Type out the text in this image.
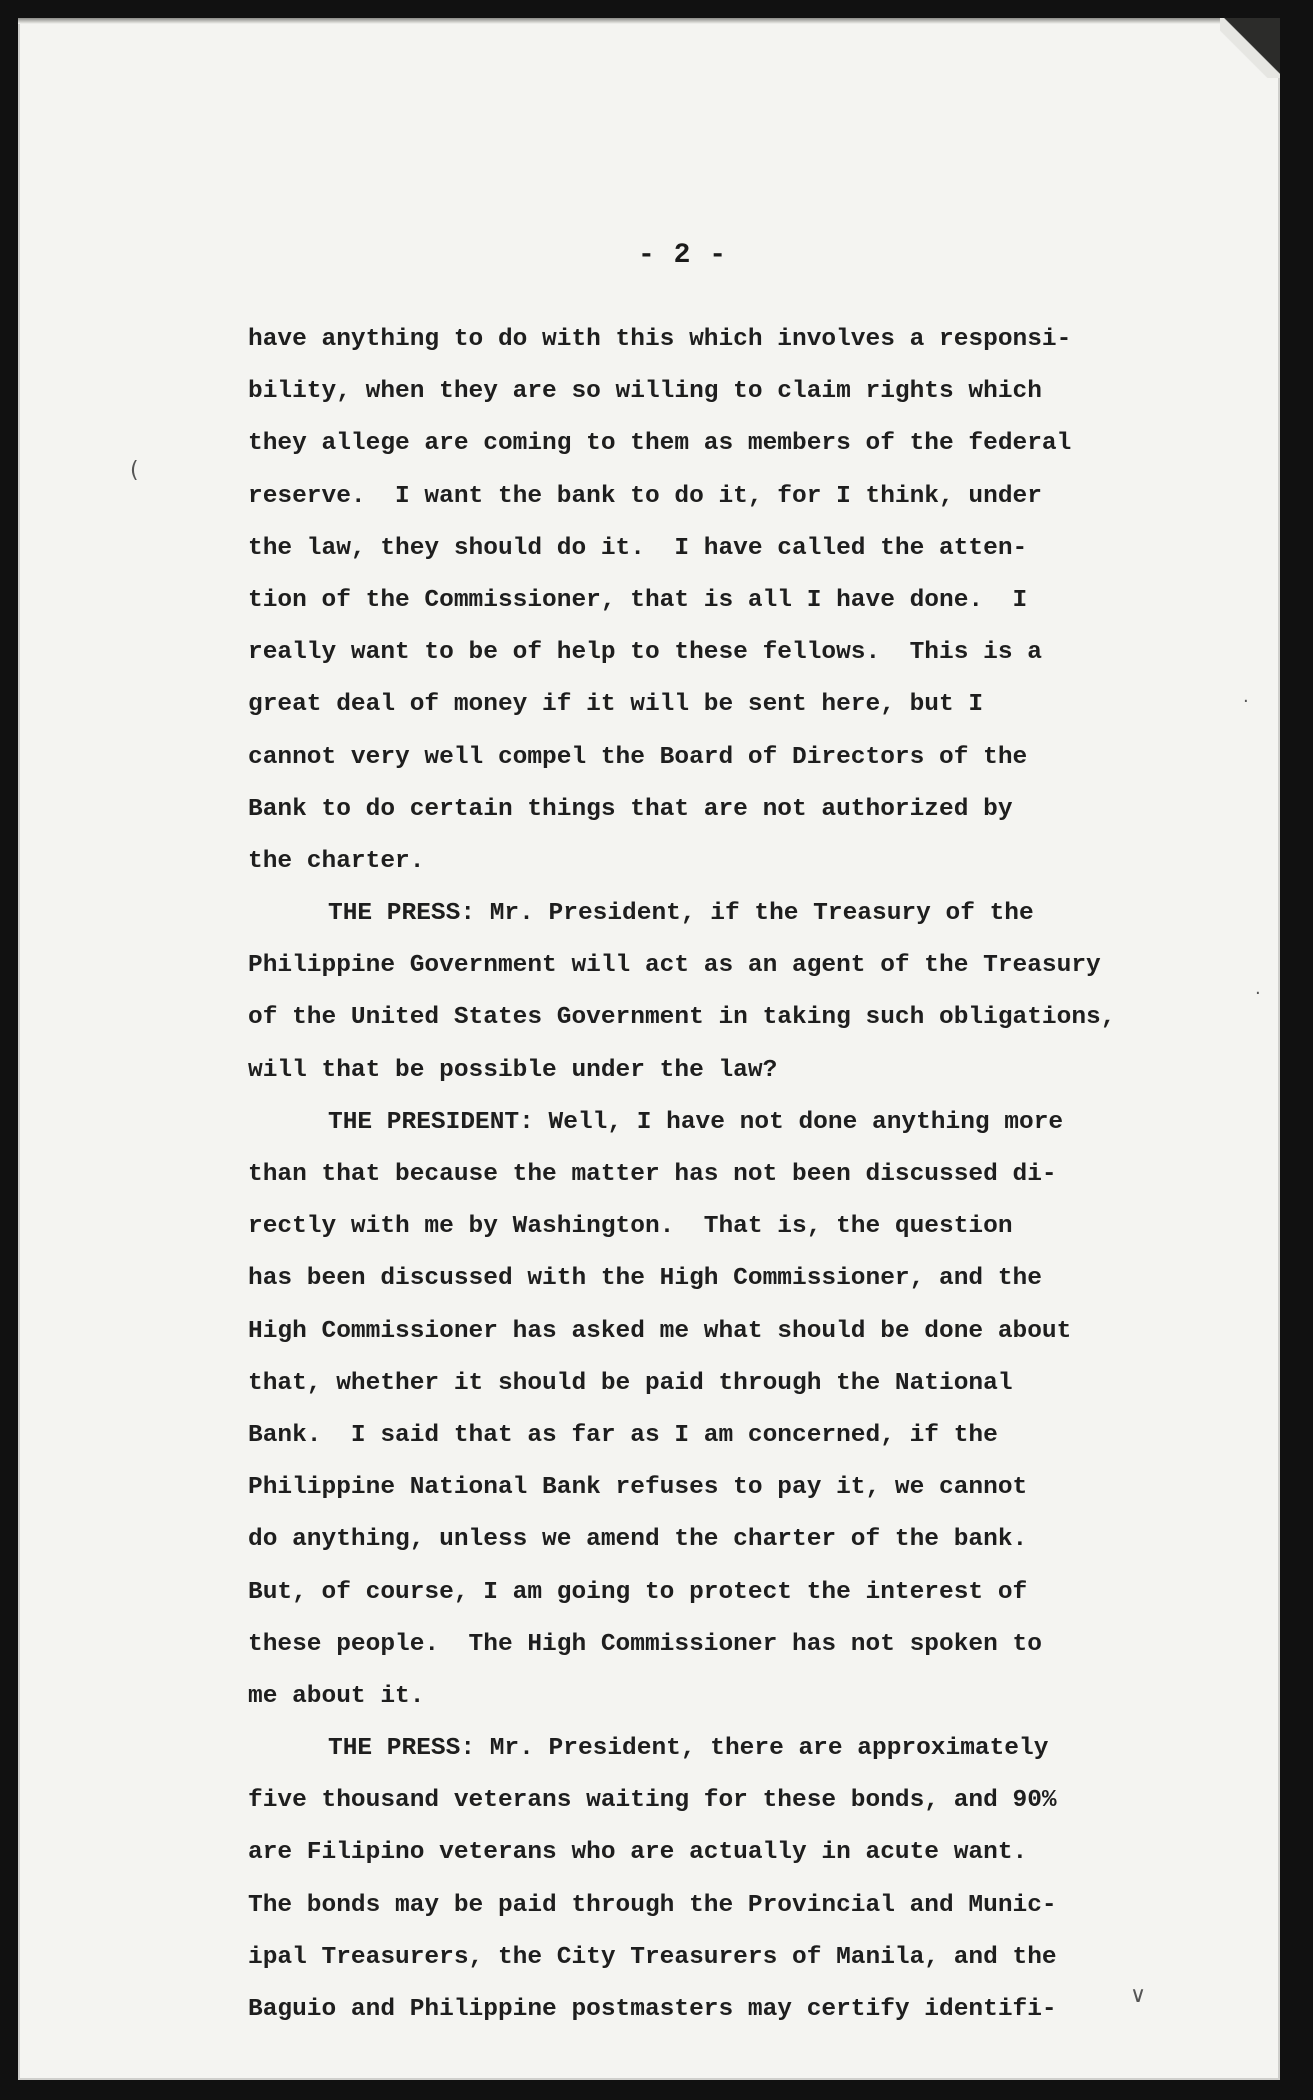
- 2 -
have anything to do with this which involves a responsi-
bility, when they are so willing to claim rights which
they allege are coming to them as members of the federal
reserve.  I want the bank to do it, for I think, under
the law, they should do it.  I have called the atten-
tion of the Commissioner, that is all I have done.  I
really want to be of help to these fellows.  This is a
great deal of money if it will be sent here, but I
cannot very well compel the Board of Directors of the
Bank to do certain things that are not authorized by
the charter.
THE PRESS: Mr. President, if the Treasury of the
Philippine Government will act as an agent of the Treasury
of the United States Government in taking such obligations,
will that be possible under the law?
THE PRESIDENT: Well, I have not done anything more
than that because the matter has not been discussed di-
rectly with me by Washington.  That is, the question
has been discussed with the High Commissioner, and the
High Commissioner has asked me what should be done about
that, whether it should be paid through the National
Bank.  I said that as far as I am concerned, if the
Philippine National Bank refuses to pay it, we cannot
do anything, unless we amend the charter of the bank.
But, of course, I am going to protect the interest of
these people.  The High Commissioner has not spoken to
me about it.
THE PRESS: Mr. President, there are approximately
five thousand veterans waiting for these bonds, and 90%
are Filipino veterans who are actually in acute want.
The bonds may be paid through the Provincial and Munic-
ipal Treasurers, the City Treasurers of Manila, and the
Baguio and Philippine postmasters may certify identifi-
(
.
.
∨
